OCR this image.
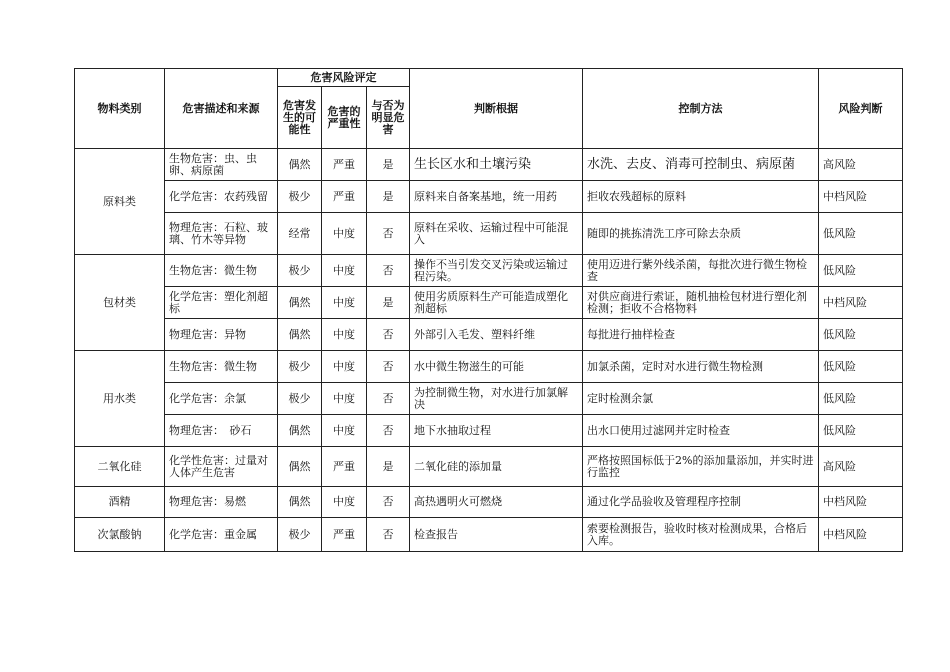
物料类别	危害描述和来源	危害风险评定			判断根据	控制方法	风险判断
		危害发生的可能性	危害的严重性	与否为明显危害			
原料类	生物危害：虫、虫卵、病原菌	偶然	严重	是	生长区水和土壤污染	水洗、去皮、消毒可控制虫、病原菌	高风险
	化学危害：农药残留	极少	严重	是	原料来自备案基地，统一用药	拒收农残超标的原料	中档风险
	物理危害：石粒、玻璃、竹木等异物	经常	中度	否	原料在采收、运输过程中可能混入	随即的挑拣清洗工序可除去杂质	低风险
包材类	生物危害：微生物	极少	中度	否	操作不当引发交叉污染或运输过程污染。	使用迈进行紫外线杀菌，每批次进行微生物检查	低风险
	化学危害：塑化剂超标	偶然	中度	是	使用劣质原料生产可能造成塑化剂超标	对供应商进行索证，随机抽检包材进行塑化剂检测；拒收不合格物料	中档风险
	物理危害：异物	偶然	中度	否	外部引入毛发、塑料纤维	每批进行抽样检查	低风险
用水类	生物危害：微生物	极少	中度	否	水中微生物滋生的可能	加氯杀菌，定时对水进行微生物检测	低风险
	化学危害：余氯	极少	中度	否	为控制微生物，对水进行加氯解决	定时检测余氯	低风险
	物理危害：　砂石	偶然	中度	否	地下水抽取过程	出水口使用过滤网并定时检查	低风险
二氧化硅	化学性危害：过量对人体产生危害	偶然	严重	是	二氧化硅的添加量	严格按照国标低于2%的添加量添加，并实时进行监控	高风险
酒精	物理危害：易燃	偶然	中度	否	高热遇明火可燃烧	通过化学品验收及管理程序控制	中档风险
次氯酸钠	化学危害：重金属	极少	严重	否	检查报告	索要检测报告，验收时核对检测成果，合格后入库。	中档风险
